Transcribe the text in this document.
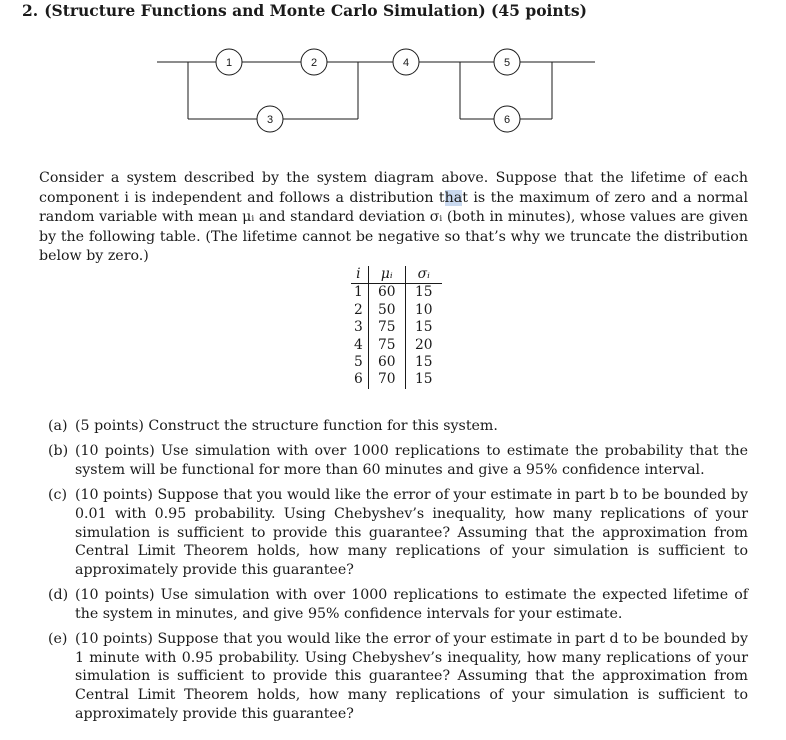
2. (Structure Functions and Monte Carlo Simulation) (45 points)
1	2
3
4	5
6

Consider a system described by the system diagram above. Suppose that the lifetime of each component i is independent and follows a distribution that is the maximum of zero and a normal random variable with mean μᵢ and standard deviation σᵢ (both in minutes), whose values are given by the following table. (The lifetime cannot be negative so that’s why we truncate the distribution below by zero.)

i	μᵢ	σᵢ
1	60	15
2	50	10
3	75	15
4	75	20
5	60	15
6	70	15
(a) (5 points) Construct the structure function for this system.
(b) (10 points) Use simulation with over 1000 replications to estimate the probability that the system will be functional for more than 60 minutes and give a 95% confidence interval.
(c) (10 points) Suppose that you would like the error of your estimate in part b to be bounded by 0.01 with 0.95 probability. Using Chebyshev’s inequality, how many replications of your simulation is sufficient to provide this guarantee? Assuming that the approximation from Central Limit Theorem holds, how many replications of your simulation is sufficient to approximately provide this guarantee?
(d) (10 points) Use simulation with over 1000 replications to estimate the expected lifetime of the system in minutes, and give 95% confidence intervals for your estimate.
(e) (10 points) Suppose that you would like the error of your estimate in part d to be bounded by 1 minute with 0.95 probability. Using Chebyshev’s inequality, how many replications of your simulation is sufficient to provide this guarantee? Assuming that the approximation from Central Limit Theorem holds, how many replications of your simulation is sufficient to approximately provide this guarantee?
